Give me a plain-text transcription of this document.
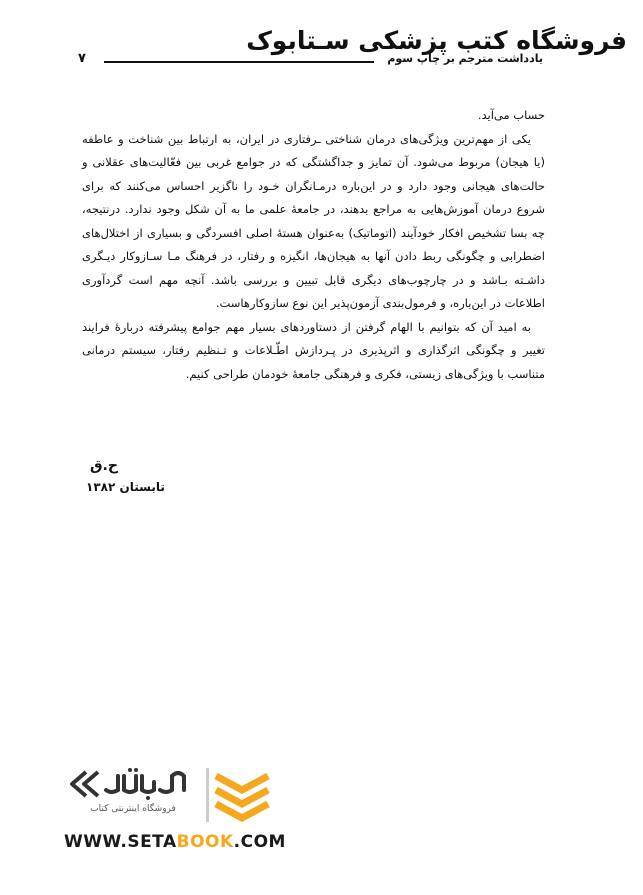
فروشگاه کتب پزشکی سـتابوک
۷	یادداشت مترجم بر چاپ سوم

حساب می‌آید.

یکی از مهم‌ترین ویژگی‌های درمان شناختی ـرفتاری در ایران، به ارتباط بین شناخت و عاطفه (یا هیجان) مربوط می‌شود. آن تمایز و جداگشتگی که در جوامع غربی بین فعّالیت‌های عقلانی و حالت‌های هیجانی وجود دارد و در این‌باره درمـانگران خـود را ناگزیر احساس می‌کنند که برای شروع درمان آموزش‌هایی به مراجع بدهند، در جامعهٔ علمی ما به آن شکل وجود ندارد. درنتیجه، چه بسا تشخیص افکار خودآیند (اتوماتیک) به‌عنوان هستهٔ اصلی افسردگی و بسیاری از اختلال‌های اضطرابی و چگونگی ربط دادن آنها به هیجان‌ها، انگیزه و رفتار، در فرهنگ مـا سـازوکار دیـگری داشـته بـاشد و در چارچوب‌های دیگری قابل تبیین و بررسی باشد. آنچه مهم است گردآوری اطلاعات در این‌باره، و فرمول‌بندی آزمون‌پذیر این نوع سازوکارهاست.

به امید آن که بتوانیم با الهام گرفتن از دستاوردهای بسیار مهم جوامع پیشرفته دربارهٔ فرایند تغییر و چگونگی اثرگذاری و اثرپذیری در پـردازش اطّـلاعات و تـنظیم رفتار، سیستم درمانی متناسب با ویژگی‌های زیستی، فکری و فرهنگی جامعهٔ خودمان طراحی کنیم.

ح.ق
تابستان ۱۳۸۲
فروشگاه اینترنتی کتاب
WWW.SETABOOK.COM
